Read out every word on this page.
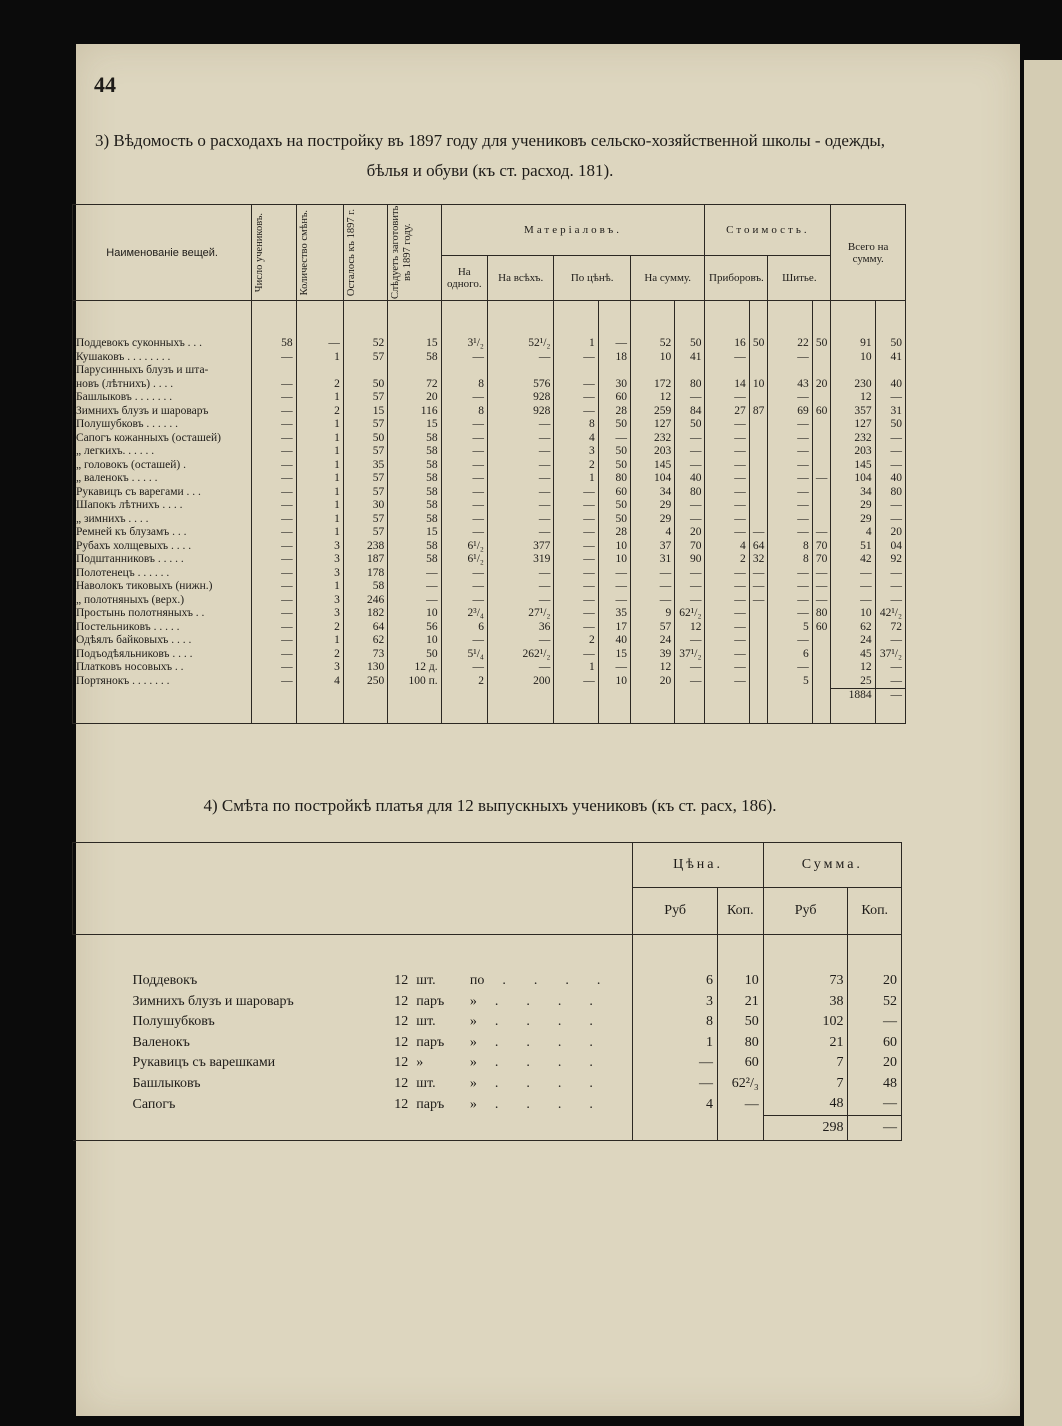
44
3) Вѣдомость о расходахъ на постройку въ 1897 году для учениковъ сельско-хозяйственной школы - одежды,
бѣлья и обуви (къ ст. расход. 181).
Наименованіе вещей.	Число учениковъ.	Количество смѣнъ.	Осталось къ 1897 г.	Слѣдуетъ заготовить въ 1897 году.	Матеріаловъ.						Стоимость.				Всего на сумму.	
					На одного.	На всѣхъ.	По цѣнѣ.		На сумму.		Приборовъ.		Шитье.			

Поддевокъ суконныхъ . . .	58	—	52	15	3¹/₂	52¹/₂	1	—	52	50	16	50	22	50	91	50
Кушаковъ . . . . . . . .	—	1	57	58	—	—	—	18	10	41	—		—		10	41
Парусинныхъ блузъ и шта-																
новъ (лѣтнихъ) . . . .	—	2	50	72	8	576	—	30	172	80	14	10	43	20	230	40
Башлыковъ . . . . . . .	—	1	57	20	—	928	—	60	12	—	—		—		12	—
Зимнихъ блузъ и шароваръ	—	2	15	116	8	928	—	28	259	84	27	87	69	60	357	31
Полушубковъ . . . . . .	—	1	57	15	—	—	8	50	127	50	—		—		127	50
Сапогъ кожанныхъ (осташей)	—	1	50	58	—	—	4	—	232	—	—		—		232	—
„ легкихъ. . . . . .	—	1	57	58	—	—	3	50	203	—	—		—		203	—
„ головокъ (осташей) .	—	1	35	58	—	—	2	50	145	—	—		—		145	—
„ валенокъ . . . . .	—	1	57	58	—	—	1	80	104	40	—		—	—	104	40
Рукавицъ съ варегами . . .	—	1	57	58	—	—	—	60	34	80	—		—		34	80
Шапокъ лѣтнихъ . . . .	—	1	30	58	—	—	—	50	29	—	—		—		29	—
„ зимнихъ . . . .	—	1	57	58	—	—	—	50	29	—	—		—		29	—
Ремней къ блузамъ . . .	—	1	57	15	—	—	—	28	4	20	—	—	—	—	4	20
Рубахъ холщевыхъ . . . .	—	3	238	58	6¹/₂	377	—	10	37	70	4	64	8	70	51	04
Подштанниковъ . . . . .	—	3	187	58	6¹/₂	319	—	10	31	90	2	32	8	70	42	92
Полотенецъ . . . . . .	—	3	178	—	—	—	—	—	—	—	—	—	—	—	—	—
Наволокъ тиковыхъ (нижн.)	—	1	58	—	—	—	—	—	—	—	—	—	—	—	—	—
„ полотняныхъ (верх.)	—	3	246	—	—	—	—	—	—	—	—	—	—	—	—	—
Простынь полотняныхъ . .	—	3	182	10	2³/₄	27¹/₂	—	35	9	62¹/₂	—		—	80	10	42¹/₂
Постельниковъ . . . . .	—	2	64	56	6	36	—	17	57	12	—		5	60	62	72
Одѣялъ байковыхъ . . . .	—	1	62	10	—	—	2	40	24	—	—		—		24	—
Подъодѣяльниковъ . . . .	—	2	73	50	5¹/₄	262¹/₂	—	15	39	37¹/₂	—		6		45	37¹/₂
Платковъ носовыхъ . .	—	3	130	12 д.	—	—	1	—	12	—	—		—		12	—
Портянокъ . . . . . . .	—	4	250	100 п.	2	200	—	10	20	—	—		5		25	—
															1884	—
4) Смѣта по постройкѣ платья для 12 выпускныхъ учениковъ (къ ст. расх, 186).
				Цѣна.		Сумма.	
				Руб	Коп.	Руб	Коп.

Поддевокъ	12	шт.	по ....	6	10	73	20
Зимнихъ блузъ и шароваръ	12	паръ	» ....	3	21	38	52
Полушубковъ	12	шт.	» ....	8	50	102	—
Валенокъ	12	паръ	» ....	1	80	21	60
Рукавицъ съ варешками	12	»	» ....	—	60	7	20
Башлыковъ	12	шт.	» ....	—	62²/₃	7	48
Сапогъ	12	паръ	» ....	4	—	48	—
						298	—
